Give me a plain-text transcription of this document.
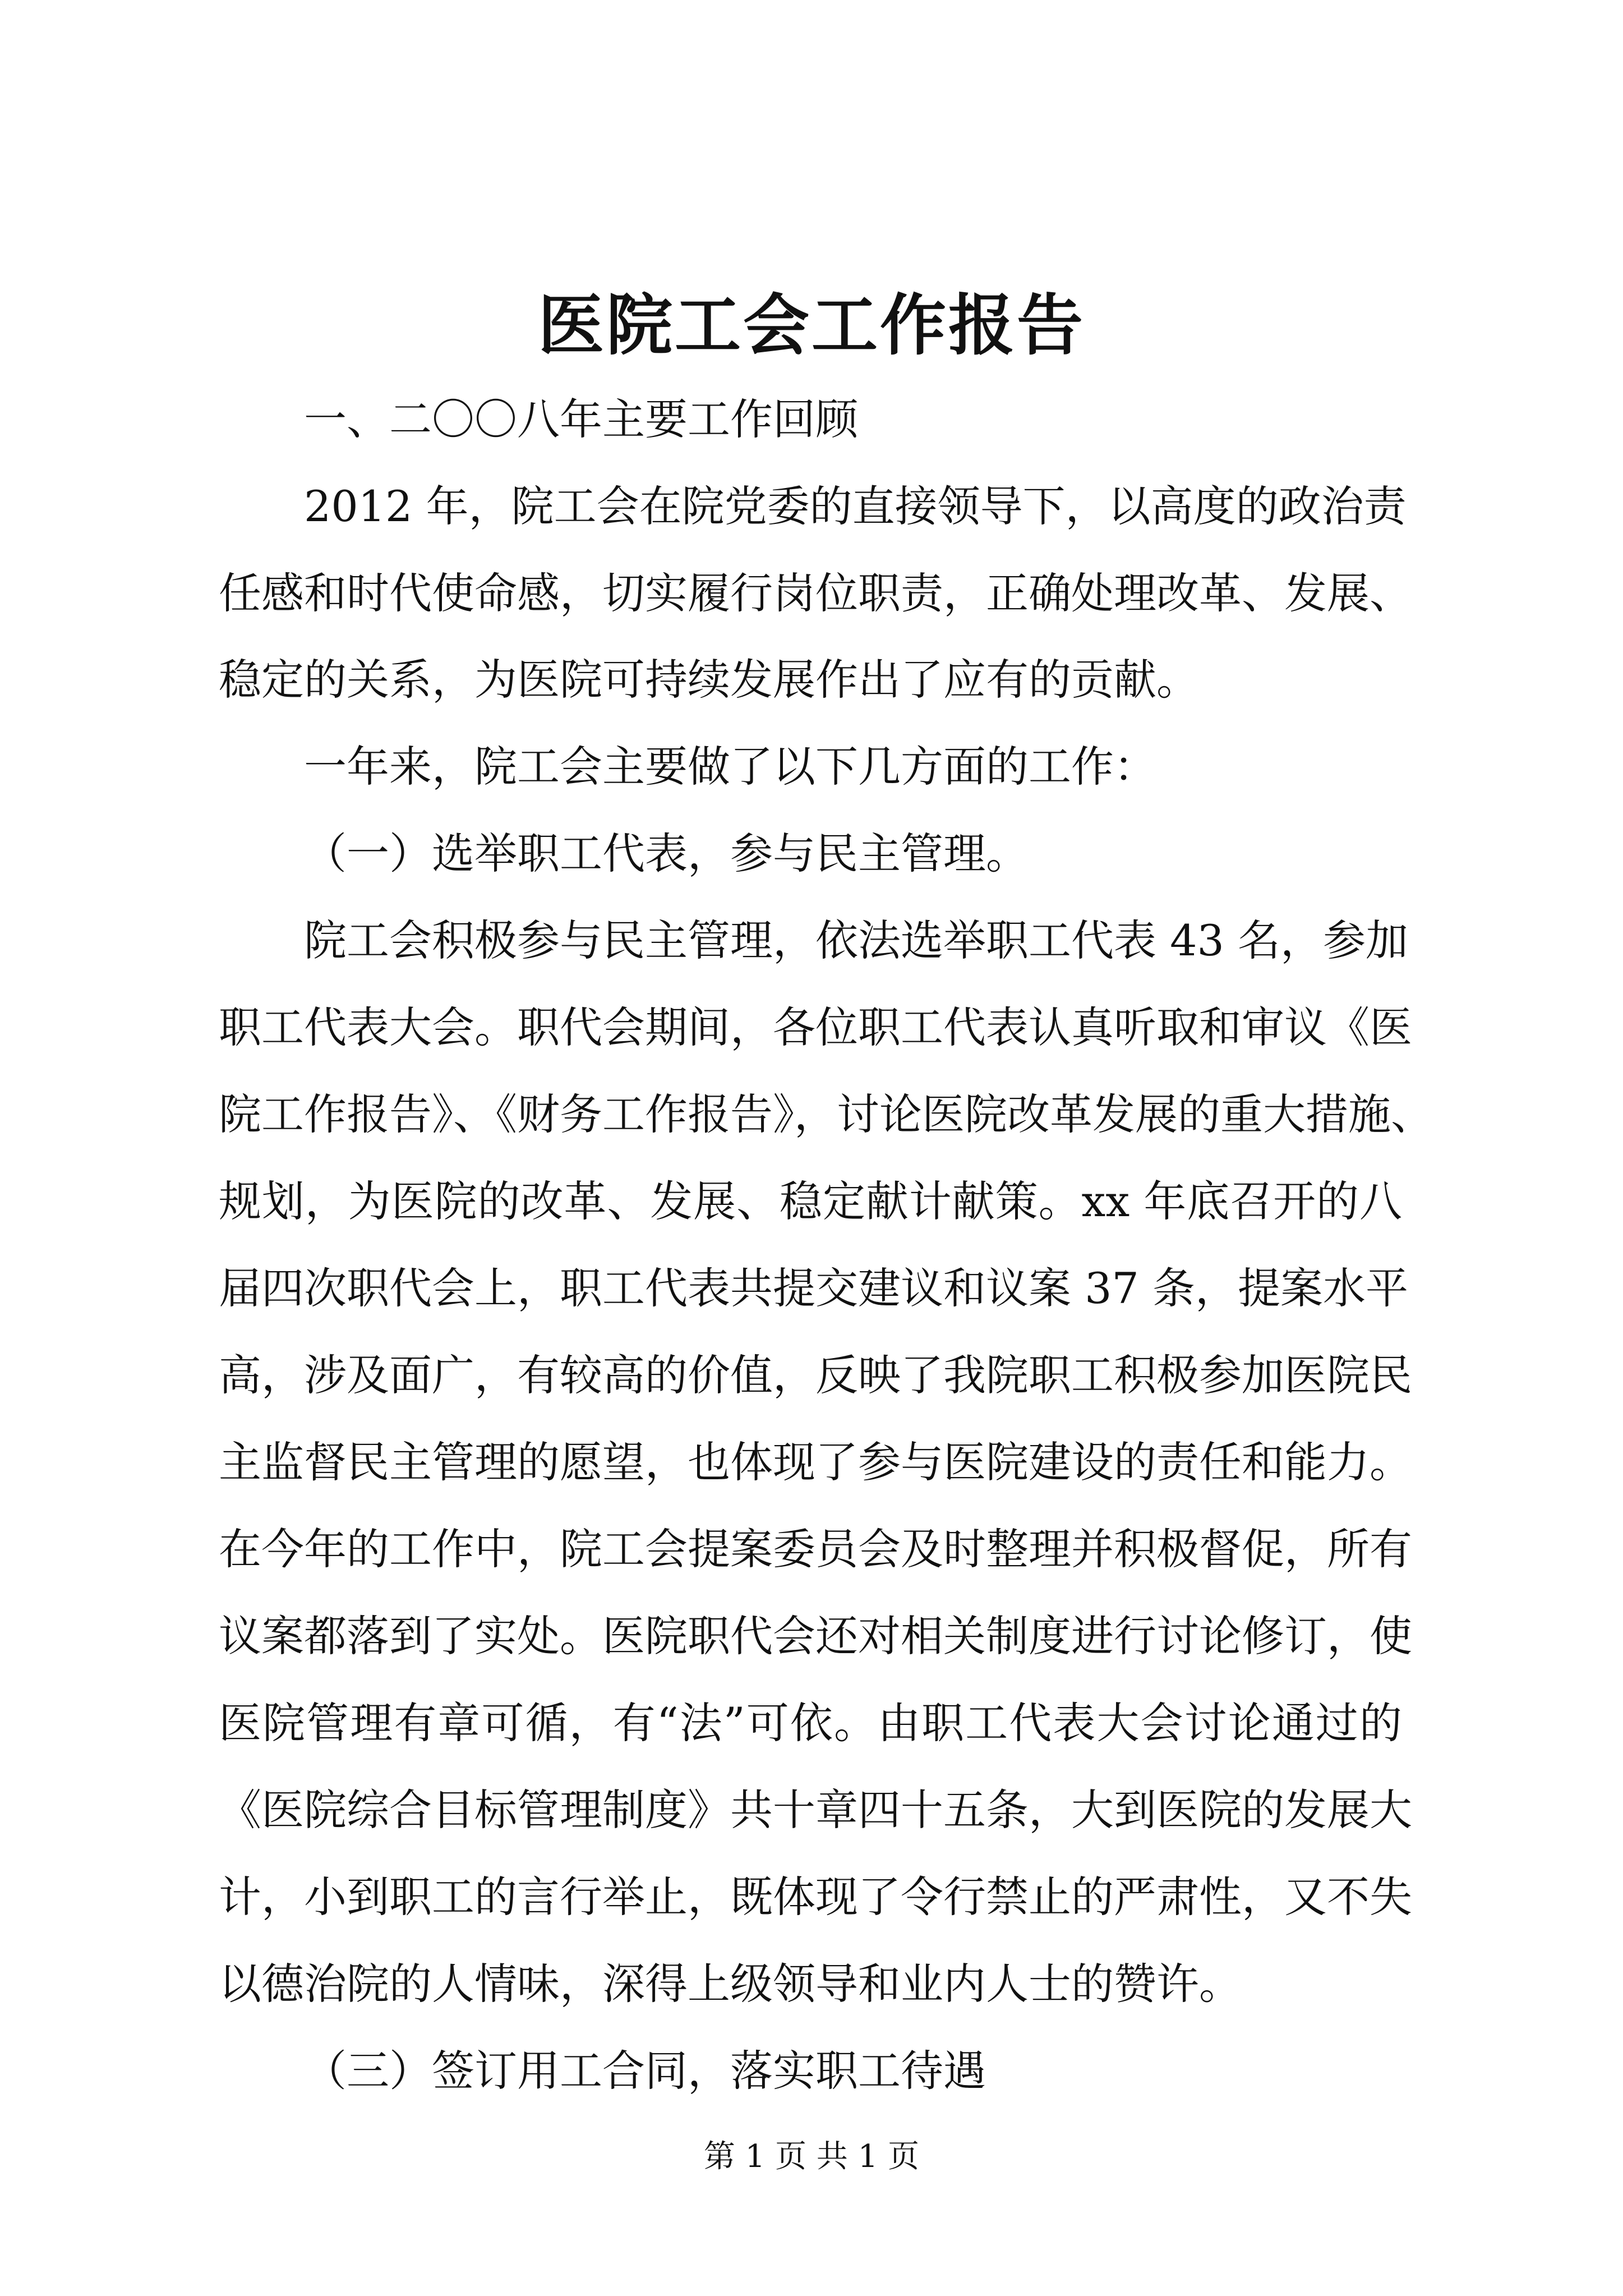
医院工会工作报告
一、二〇〇八年主要工作回顾
2012 年，院工会在院党委的直接领导下，以高度的政治责
任感和时代使命感，切实履行岗位职责，正确处理改革、发展、
稳定的关系，为医院可持续发展作出了应有的贡献。
一年来，院工会主要做了以下几方面的工作：
（一）选举职工代表，参与民主管理。
院工会积极参与民主管理，依法选举职工代表 43 名，参加
职工代表大会。职代会期间，各位职工代表认真听取和审议《医
院工作报告》、《财务工作报告》，讨论医院改革发展的重大措施、
规划，为医院的改革、发展、稳定献计献策。xx 年底召开的八
届四次职代会上，职工代表共提交建议和议案 37 条，提案水平
高，涉及面广，有较高的价值，反映了我院职工积极参加医院民
主监督民主管理的愿望，也体现了参与医院建设的责任和能力。
在今年的工作中，院工会提案委员会及时整理并积极督促，所有
议案都落到了实处。医院职代会还对相关制度进行讨论修订，使
医院管理有章可循，有“法”可依。由职工代表大会讨论通过的
《医院综合目标管理制度》共十章四十五条，大到医院的发展大
计，小到职工的言行举止，既体现了令行禁止的严肃性，又不失
以德治院的人情味，深得上级领导和业内人士的赞许。
（三）签订用工合同，落实职工待遇
第 1 页 共 1 页
